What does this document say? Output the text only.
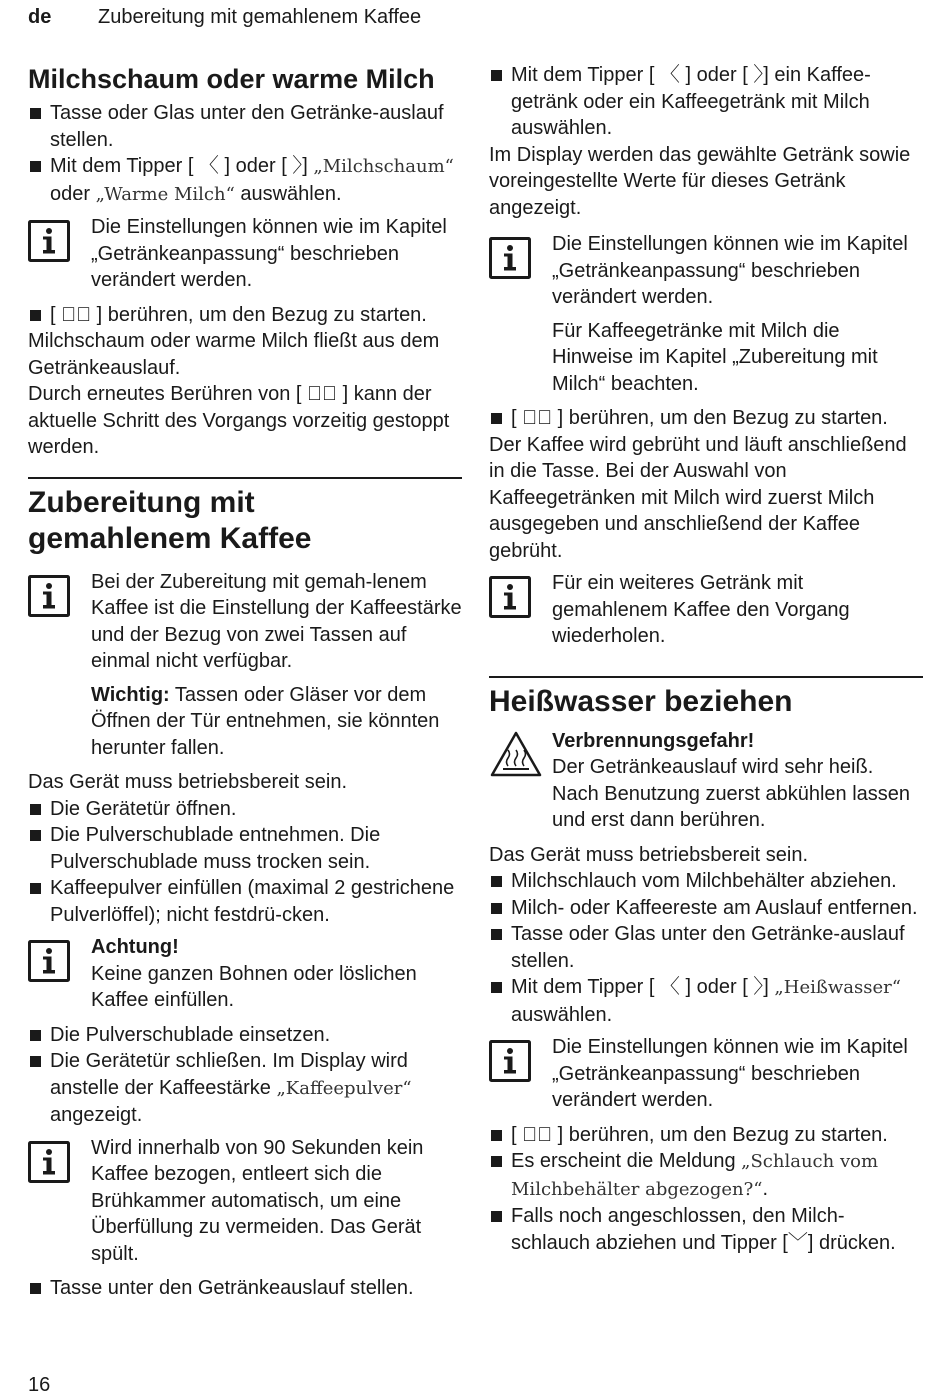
de Zubereitung mit gemahlenem Kaffee
Milchschaum oder warme Milch
Tasse oder Glas unter den Getränke-auslauf stellen.
Mit dem Tipper [ 〈 ] oder [ 〉] „Milchschaum“ oder „Warme Milch“ auswählen.

Die Einstellungen können wie im Kapitel „Getränkeanpassung“ beschrieben verändert werden.

[ ▷⃝ ] berühren, um den Bezug zu starten.

Milchschaum oder warme Milch fließt aus dem Getränkeauslauf.

Durch erneutes Berühren von [ ▷⃝ ] kann der aktuelle Schritt des Vorgangs vorzeitig gestoppt werden.

Zubereitung mit
gemahlenem Kaffee

Bei der Zubereitung mit gemah-lenem Kaffee ist die Einstellung der Kaffeestärke und der Bezug von zwei Tassen auf einmal nicht verfügbar.

Wichtig: Tassen oder Gläser vor dem Öffnen der Tür entnehmen, sie könnten herunter fallen.

Das Gerät muss betriebsbereit sein.

Die Gerätetür öffnen.
Die Pulverschublade entnehmen. Die Pulverschublade muss trocken sein.
Kaffeepulver einfüllen (maximal 2 gestrichene Pulverlöffel); nicht festdrü-cken.

Achtung!

Keine ganzen Bohnen oder löslichen Kaffee einfüllen.

Die Pulverschublade einsetzen.
Die Gerätetür schließen. Im Display wird anstelle der Kaffeestärke „Kaffeepulver“ angezeigt.

Wird innerhalb von 90 Sekunden kein Kaffee bezogen, entleert sich die Brühkammer automatisch, um eine Überfüllung zu vermeiden. Das Gerät spült.

Tasse unter den Getränkeauslauf stellen.
Mit dem Tipper [ 〈 ] oder [ 〉] ein Kaffee-getränk oder ein Kaffeegetränk mit Milch auswählen.

Im Display werden das gewählte Getränk sowie voreingestellte Werte für dieses Getränk angezeigt.

Die Einstellungen können wie im Kapitel „Getränkeanpassung“ beschrieben verändert werden.

Für Kaffeegetränke mit Milch die Hinweise im Kapitel „Zubereitung mit Milch“ beachten.

[ ▷⃝ ] berühren, um den Bezug zu starten.

Der Kaffee wird gebrüht und läuft anschließend in die Tasse. Bei der Auswahl von Kaffeegetränken mit Milch wird zuerst Milch ausgegeben und anschließend der Kaffee gebrüht.

Für ein weiteres Getränk mit gemahlenem Kaffee den Vorgang wiederholen.

Heißwasser beziehen

Verbrennungsgefahr!

Der Getränkeauslauf wird sehr heiß. Nach Benutzung zuerst abkühlen lassen und erst dann berühren.

Das Gerät muss betriebsbereit sein.

Milchschlauch vom Milchbehälter abziehen.
Milch- oder Kaffeereste am Auslauf entfernen.
Tasse oder Glas unter den Getränke-auslauf stellen.
Mit dem Tipper [ 〈 ] oder [ 〉] „Heißwasser“ auswählen.

Die Einstellungen können wie im Kapitel „Getränkeanpassung“ beschrieben verändert werden.

[ ▷⃝ ] berühren, um den Bezug zu starten.
Es erscheint die Meldung „Schlauch vom Milchbehälter abgezogen?“.
Falls noch angeschlossen, den Milch-schlauch abziehen und Tipper [﹀] drücken.
16
